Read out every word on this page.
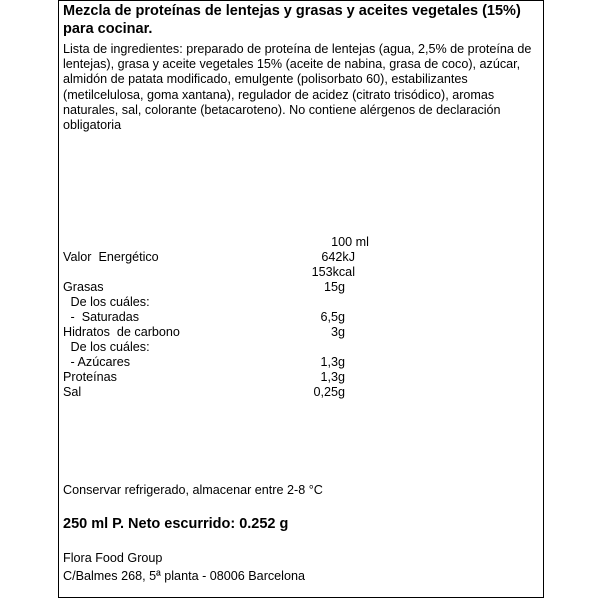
Mezcla de proteínas de lentejas y grasas y aceites vegetales (15%) para cocinar.

Lista de ingredientes: preparado de proteína de lentejas (agua, 2,5% de proteína de lentejas), grasa y aceite vegetales 15% (aceite de nabina, grasa de coco), azúcar, almidón de patata modificado, emulgente (polisorbato 60), estabilizantes (metilcelulosa, goma xantana), regulador de acidez (citrato trisódico), aromas naturales, sal, colorante (betacaroteno). No contiene alérgenos de declaración obligatoria

100 ml
Valor  Energético	642kJ
153kcal
Grasas	15g
De los cuáles:
-  Saturadas	6,5g
Hidratos  de carbono	3g
De los cuáles:
- Azúcares	1,3g
Proteínas	1,3g
Sal	0,25g
Conservar refrigerado, almacenar entre 2-8 °C
250 ml P. Neto escurrido: 0.252 g
Flora Food Group
C/Balmes 268, 5ª planta - 08006 Barcelona
